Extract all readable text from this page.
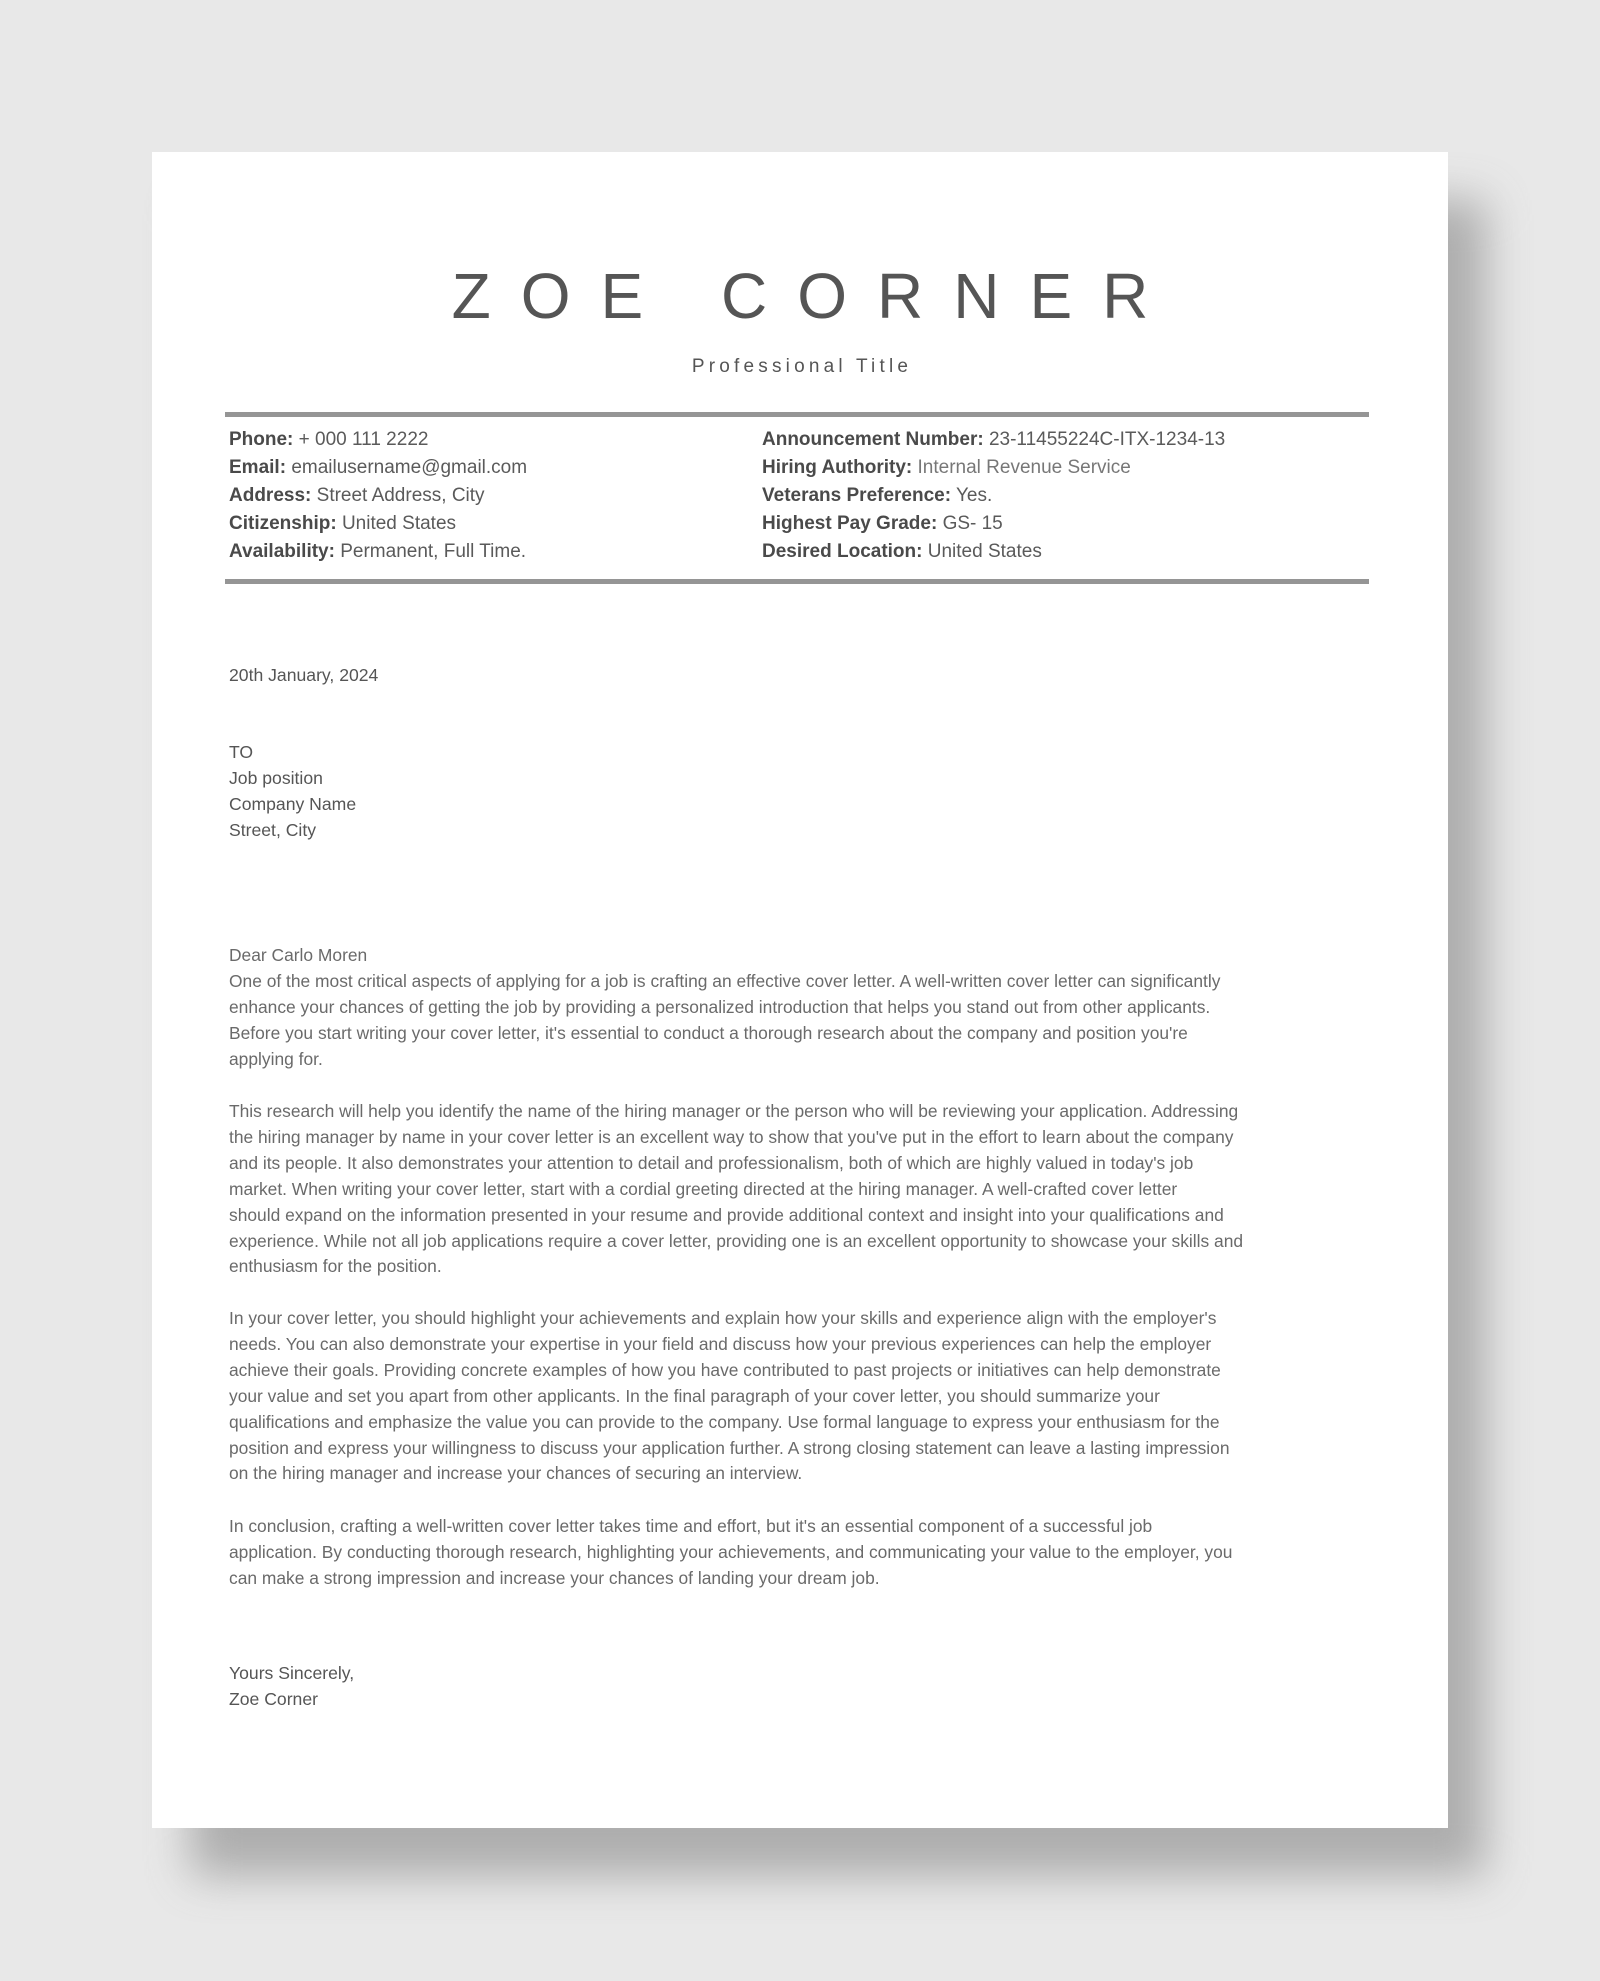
ZOE CORNER
Professional Title
Phone: + 000 111 2222
Email: emailusername@gmail.com
Address: Street Address, City
Citizenship: United States
Availability: Permanent, Full Time.
Announcement Number: 23-11455224C-ITX-1234-13
Hiring Authority: Internal Revenue Service
Veterans Preference: Yes.
Highest Pay Grade: GS- 15
Desired Location: United States
20th January, 2024
TO
Job position
Company Name
Street, City
Dear Carlo Moren
One of the most critical aspects of applying for a job is crafting an effective cover letter. A well-written cover letter can significantly
enhance your chances of getting the job by providing a personalized introduction that helps you stand out from other applicants.
Before you start writing your cover letter, it's essential to conduct a thorough research about the company and position you're
applying for.
This research will help you identify the name of the hiring manager or the person who will be reviewing your application. Addressing
the hiring manager by name in your cover letter is an excellent way to show that you've put in the effort to learn about the company
and its people. It also demonstrates your attention to detail and professionalism, both of which are highly valued in today's job
market. When writing your cover letter, start with a cordial greeting directed at the hiring manager. A well-crafted cover letter
should expand on the information presented in your resume and provide additional context and insight into your qualifications and
experience. While not all job applications require a cover letter, providing one is an excellent opportunity to showcase your skills and
enthusiasm for the position.
In your cover letter, you should highlight your achievements and explain how your skills and experience align with the employer's
needs. You can also demonstrate your expertise in your field and discuss how your previous experiences can help the employer
achieve their goals. Providing concrete examples of how you have contributed to past projects or initiatives can help demonstrate
your value and set you apart from other applicants. In the final paragraph of your cover letter, you should summarize your
qualifications and emphasize the value you can provide to the company. Use formal language to express your enthusiasm for the
position and express your willingness to discuss your application further. A strong closing statement can leave a lasting impression
on the hiring manager and increase your chances of securing an interview.
In conclusion, crafting a well-written cover letter takes time and effort, but it's an essential component of a successful job
application. By conducting thorough research, highlighting your achievements, and communicating your value to the employer, you
can make a strong impression and increase your chances of landing your dream job.
Yours Sincerely,
Zoe Corner
